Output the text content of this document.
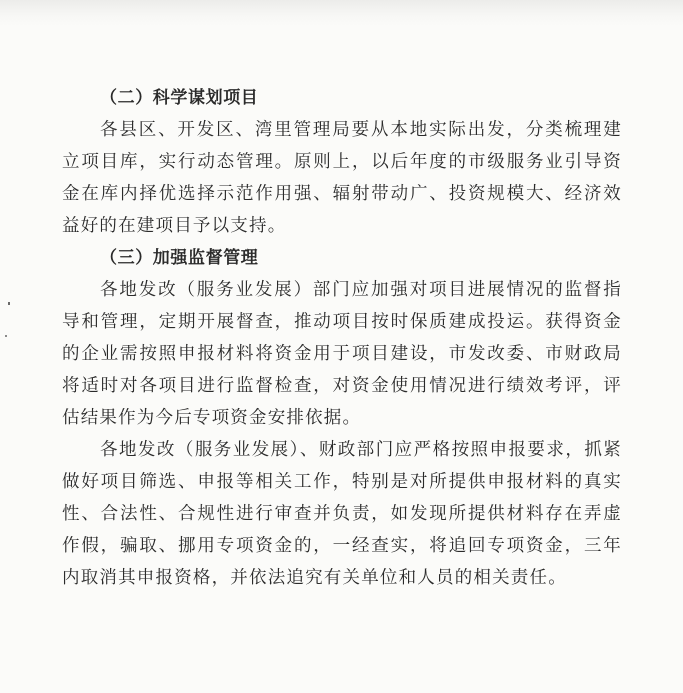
（二）科学谋划项目

各县区、开发区、湾里管理局要从本地实际出发，分类梳理建立项目库，实行动态管理。原则上，以后年度的市级服务业引导资金在库内择优选择示范作用强、辐射带动广、投资规模大、经济效益好的在建项目予以支持。

（三）加强监督管理

各地发改（服务业发展）部门应加强对项目进展情况的监督指导和管理，定期开展督查，推动项目按时保质建成投运。获得资金的企业需按照申报材料将资金用于项目建设，市发改委、市财政局将适时对各项目进行监督检查，对资金使用情况进行绩效考评，评估结果作为今后专项资金安排依据。

各地发改（服务业发展）、财政部门应严格按照申报要求，抓紧做好项目筛选、申报等相关工作，特别是对所提供申报材料的真实性、合法性、合规性进行审查并负责，如发现所提供材料存在弄虚作假，骗取、挪用专项资金的，一经查实，将追回专项资金，三年内取消其申报资格，并依法追究有关单位和人员的相关责任。
